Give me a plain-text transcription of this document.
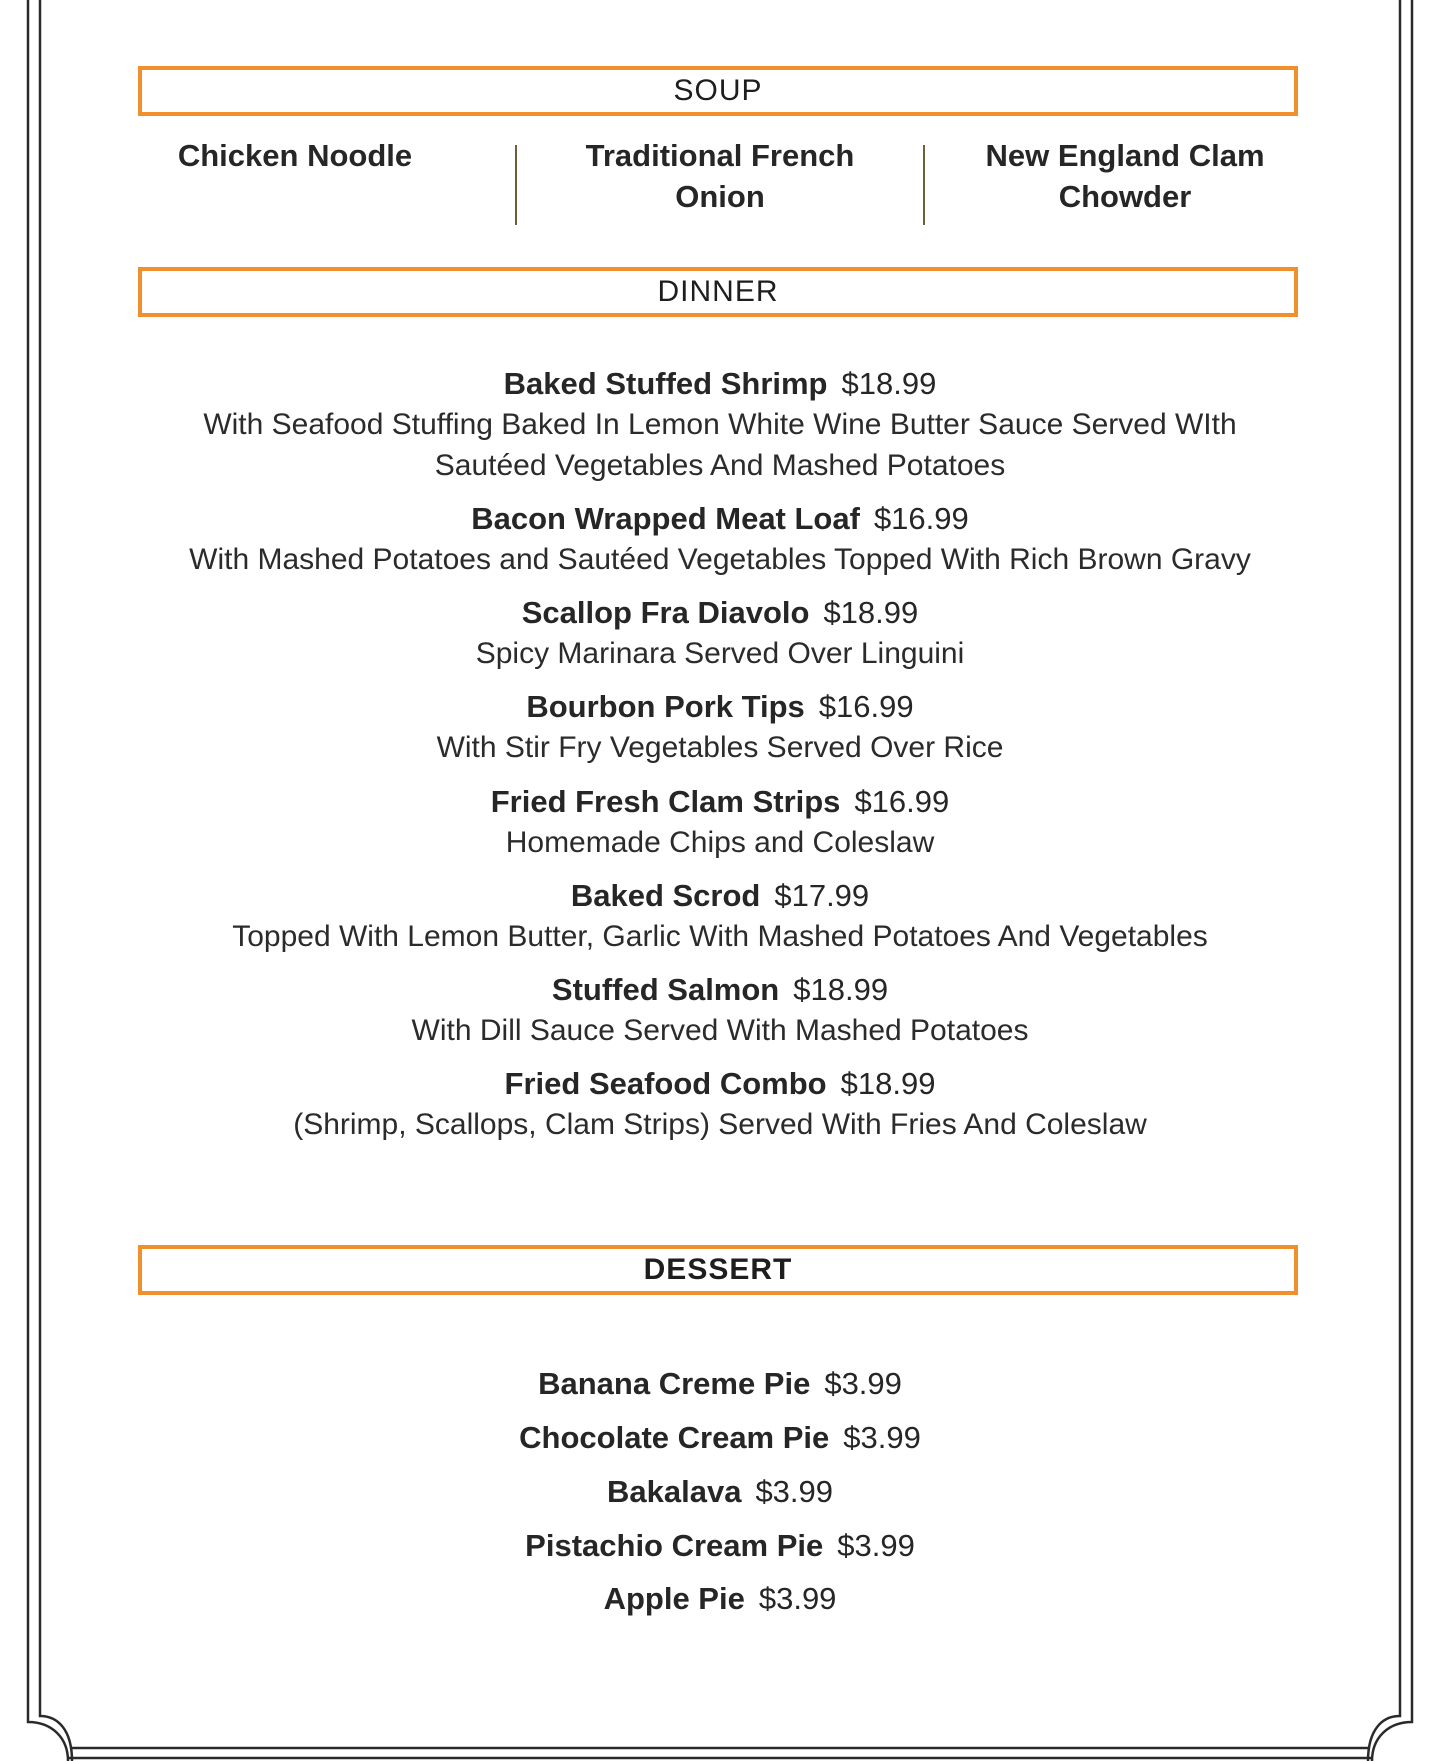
SOUP
Chicken Noodle	Traditional French Onion
New England Clam Chowder
DINNER
Baked Stuffed Shrimp $18.99
With Seafood Stuffing Baked In Lemon White Wine Butter Sauce Served WIth Sautéed Vegetables And Mashed Potatoes
Bacon Wrapped Meat Loaf $16.99
With Mashed Potatoes and Sautéed Vegetables Topped With Rich Brown Gravy
Scallop Fra Diavolo $18.99
Spicy Marinara Served Over Linguini
Bourbon Pork Tips $16.99
With Stir Fry Vegetables Served Over Rice
Fried Fresh Clam Strips $16.99
Homemade Chips and Coleslaw
Baked Scrod $17.99
Topped With Lemon Butter, Garlic With Mashed Potatoes And Vegetables
Stuffed Salmon $18.99
With Dill Sauce Served With Mashed Potatoes
Fried Seafood Combo $18.99
(Shrimp, Scallops, Clam Strips) Served With Fries And Coleslaw
DESSERT
Banana Creme Pie $3.99
Chocolate Cream Pie $3.99
Bakalava $3.99
Pistachio Cream Pie $3.99
Apple Pie $3.99
